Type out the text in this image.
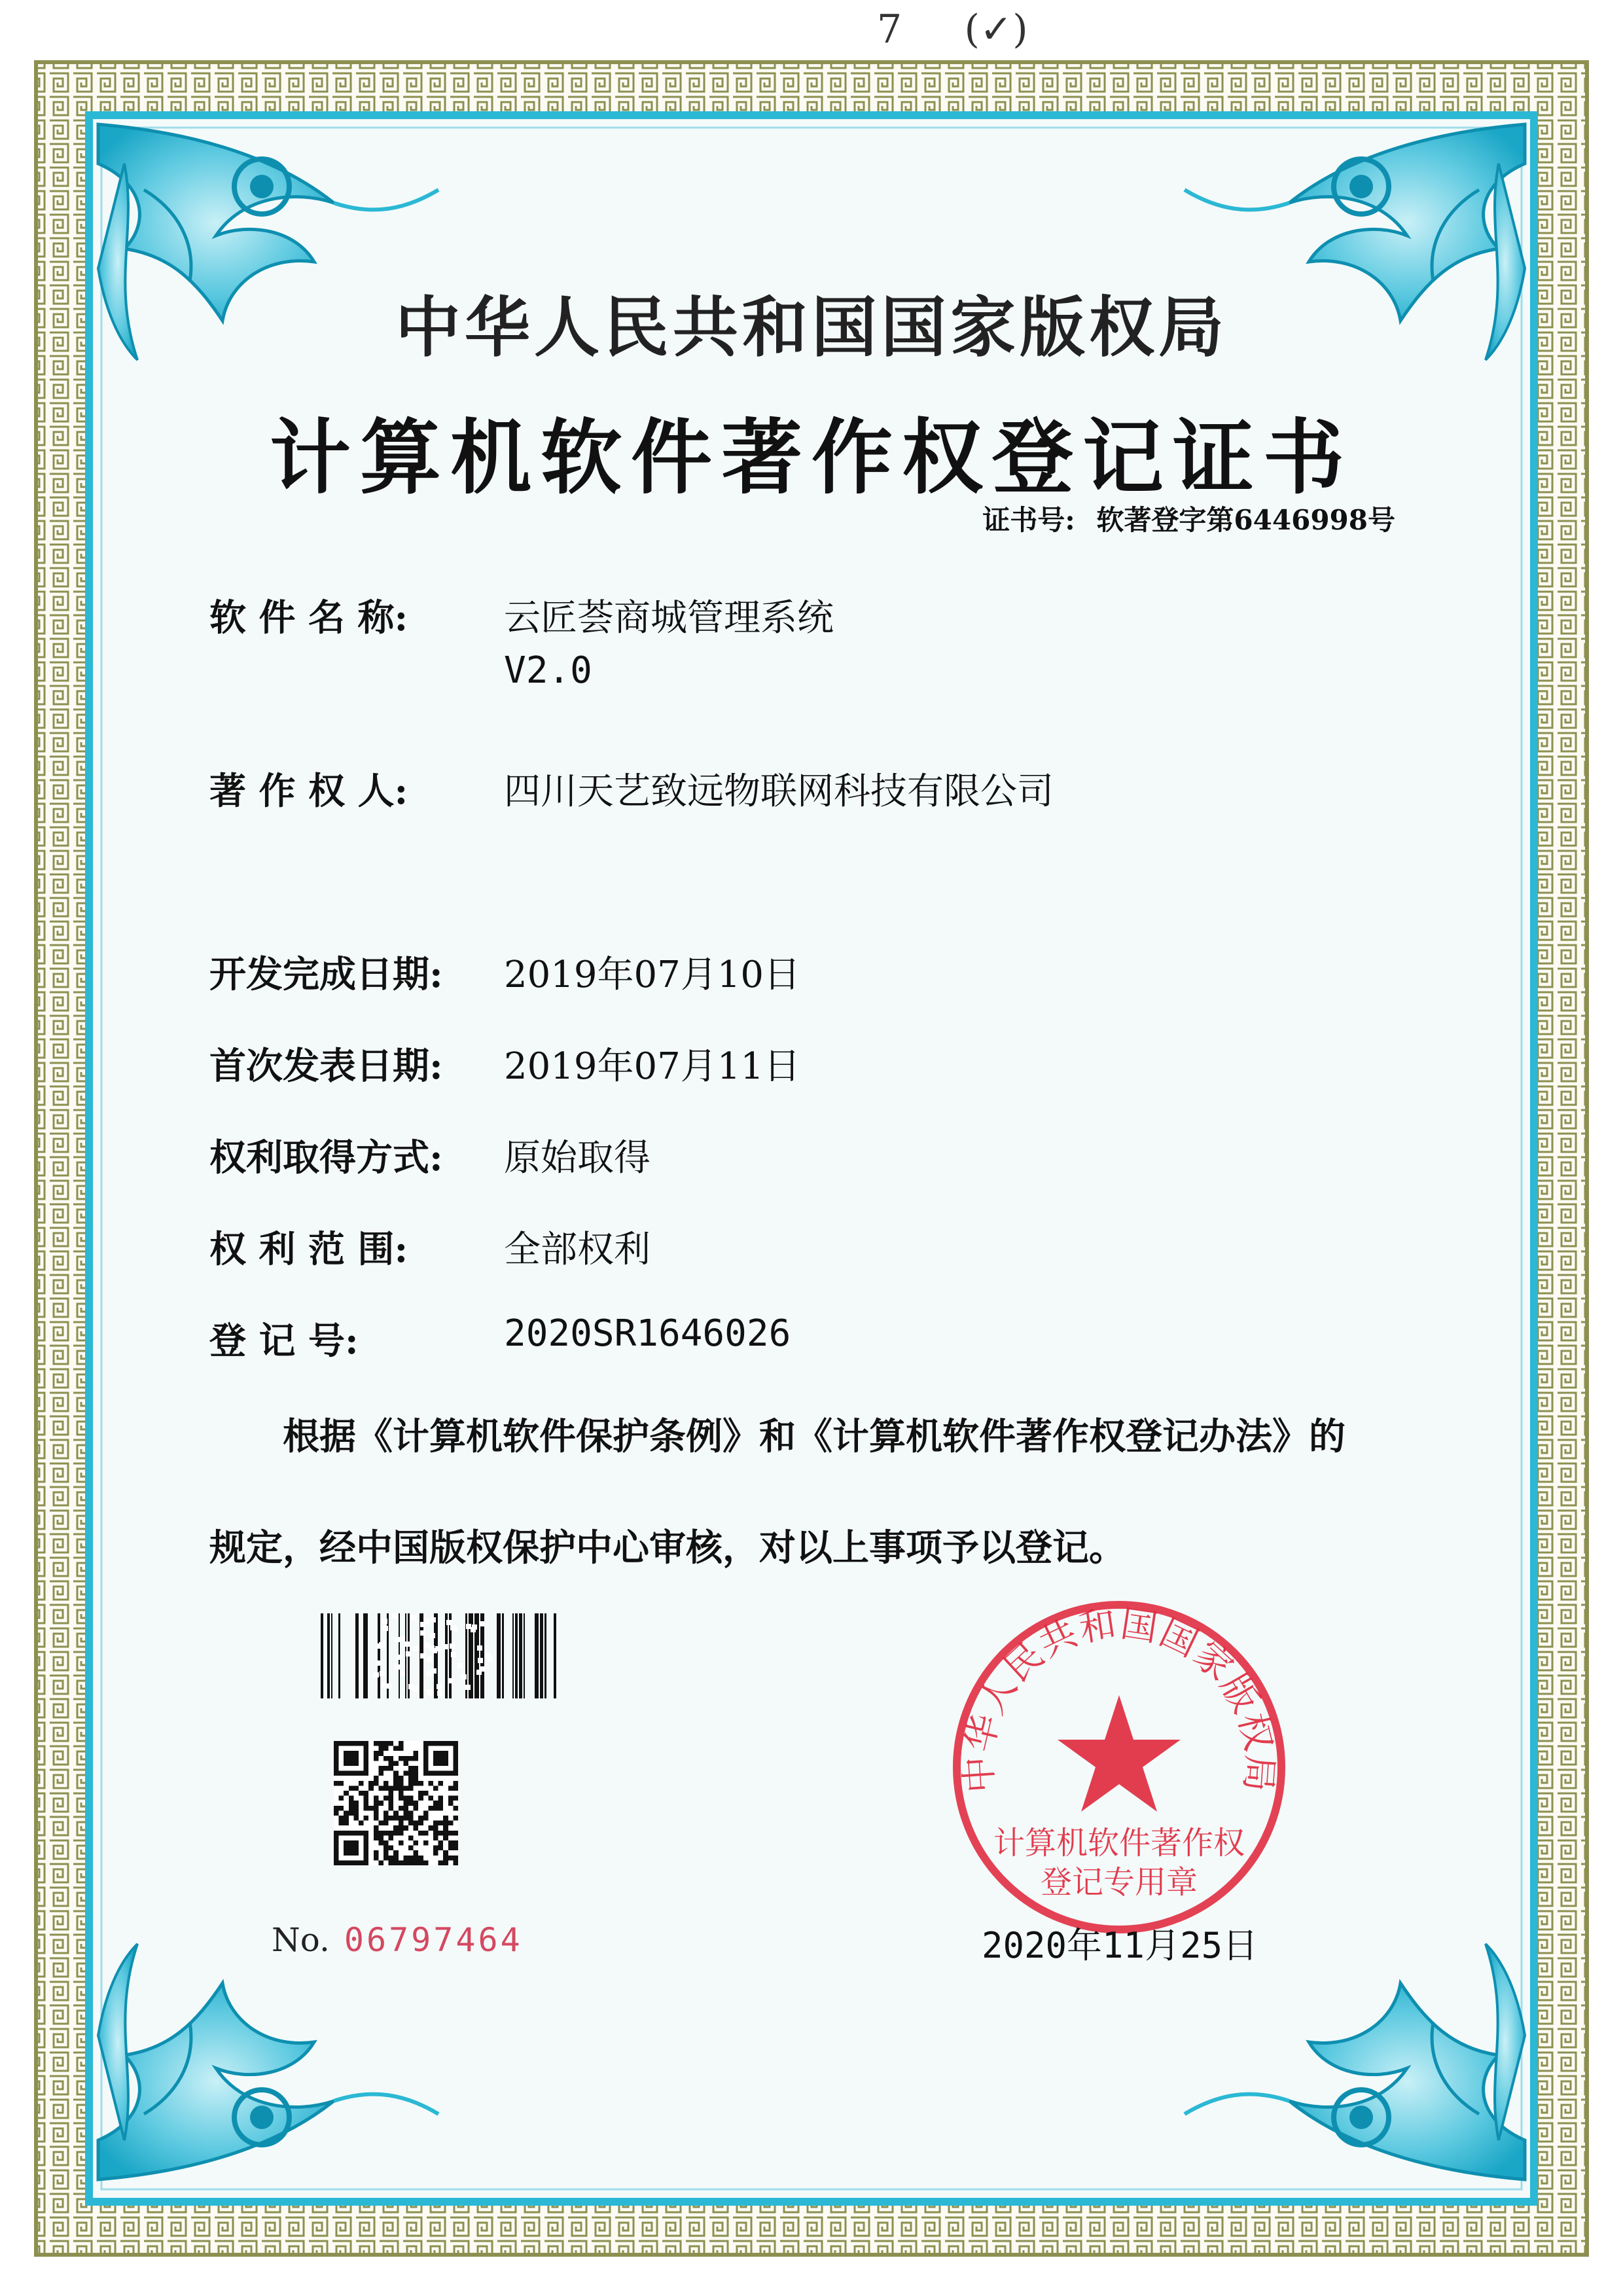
7     (✓)
中华人民共和国国家版权局
计算机软件著作权登记证书
证书号: 软著登字第6446998号
软 件 名 称:	云匠荟商城管理系统
V2.0
著 作 权 人:	四川天艺致远物联网科技有限公司
开发完成日期:	2019年07月10日
首次发表日期:	2019年07月11日
权利取得方式:	原始取得
权 利 范 围:	全部权利
登 记 号:	2020SR1646026

根据《计算机软件保护条例》和《计算机软件著作权登记办法》的

规定，经中国版权保护中心审核，对以上事项予以登记。

No. 06797464
中华人民共和国国家版权局
计算机软件著作权
登记专用章
2020年11月25日
